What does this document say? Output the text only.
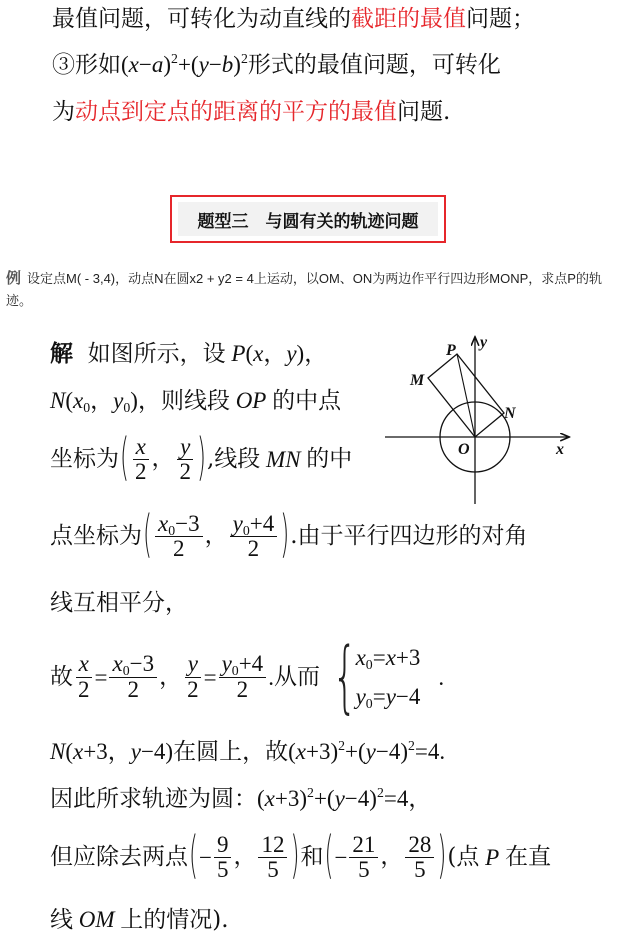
最值问题，可转化为动直线的截距的最值问题；
③形如$(x-a)^2+(y-b)^2$形式的最值问题，可转化
为动点到定点的距离的平方的最值问题.
题型三　与圆有关的轨迹问题
例 设定点M( - 3,4)，动点N在圆x2 + y2 = 4上运动，以OM、ON为两边作平行四边形MONP，求点P的轨迹。
解 如图所示，设 P(x，y)，
$N(x_0$，$y_0$)，则线段 OP 的中点
坐标为( $\frac{x}{2}$ ， $\frac{y}{2}$ ),线段 MN 的中
点坐标为( $\frac{x_0-3}{2}$ ， $\frac{y_0+4}{2}$ ).由于平行四边形的对角
线互相平分，
故 $\frac{x}{2} = \frac{x_0-3}{2}$ ， $\frac{y}{2} = \frac{y_0+4}{2}$ . 从而 {
$x_0=x+3$
$y_0=y-4$
.
N(x+3，y−4)在圆上，故$(x+3)^2+(y-4)^2=4$.
因此所求轨迹为圆：$(x+3)^2+(y-4)^2=4$，
但应除去两点(− $\frac{9}{5}$ ， $\frac{12}{5}$ )和(− $\frac{21}{5}$ ， $\frac{28}{5}$ )(点 P 在直
线 OM 上的情况).
P y
M
N
O	x
